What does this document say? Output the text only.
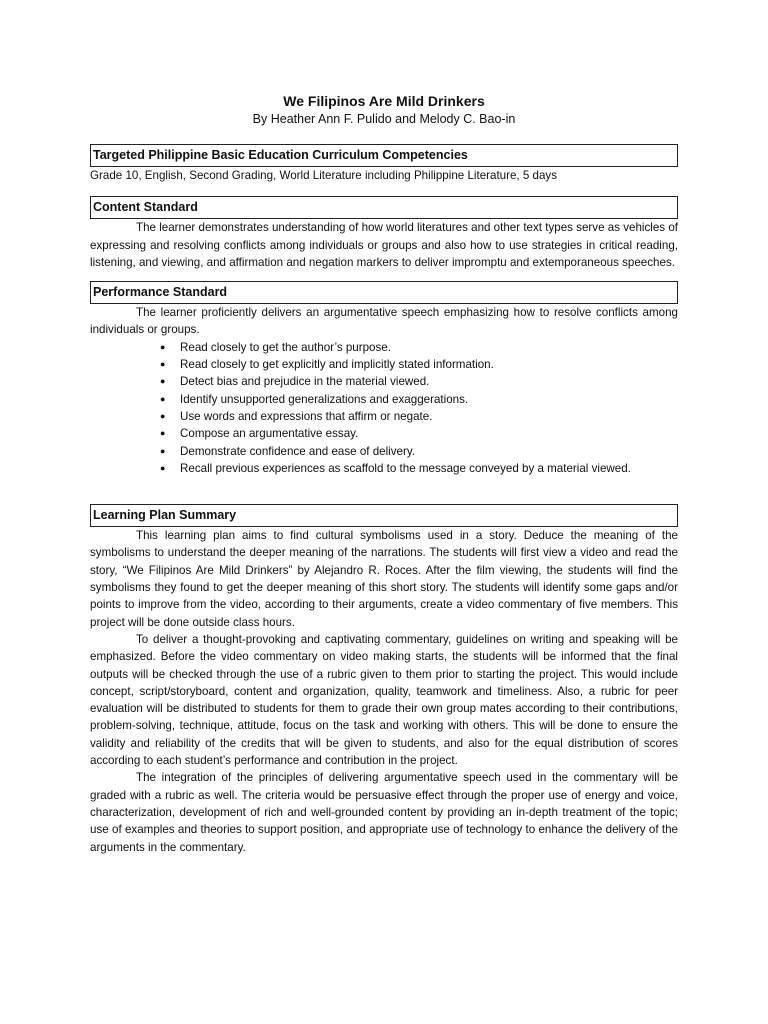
We Filipinos Are Mild Drinkers

By Heather Ann F. Pulido and Melody C. Bao-in

Targeted Philippine Basic Education Curriculum Competencies

Grade 10, English, Second Grading, World Literature including Philippine Literature, 5 days

Content Standard

The learner demonstrates understanding of how world literatures and other text types serve as vehicles of expressing and resolving conflicts among individuals or groups and also how to use strategies in critical reading, listening, and viewing, and affirmation and negation markers to deliver impromptu and extemporaneous speeches.

Performance Standard

The learner proficiently delivers an argumentative speech emphasizing how to resolve conflicts among individuals or groups.

● Read closely to get the author’s purpose.
● Read closely to get explicitly and implicitly stated information.
● Detect bias and prejudice in the material viewed.
● Identify unsupported generalizations and exaggerations.
● Use words and expressions that affirm or negate.
● Compose an argumentative essay.
● Demonstrate confidence and ease of delivery.
● Recall previous experiences as scaffold to the message conveyed by a material viewed.
Learning Plan Summary

This learning plan aims to find cultural symbolisms used in a story. Deduce the meaning of the symbolisms to understand the deeper meaning of the narrations. The students will first view a video and read the story, “We Filipinos Are Mild Drinkers” by Alejandro R. Roces. After the film viewing, the students will find the symbolisms they found to get the deeper meaning of this short story. The students will identify some gaps and/or points to improve from the video, according to their arguments, create a video commentary of five members. This project will be done outside class hours.

To deliver a thought-provoking and captivating commentary, guidelines on writing and speaking will be emphasized. Before the video commentary on video making starts, the students will be informed that the final outputs will be checked through the use of a rubric given to them prior to starting the project. This would include concept, script/storyboard, content and organization, quality, teamwork and timeliness. Also, a rubric for peer evaluation will be distributed to students for them to grade their own group mates according to their contributions, problem-solving, technique, attitude, focus on the task and working with others. This will be done to ensure the validity and reliability of the credits that will be given to students, and also for the equal distribution of scores according to each student’s performance and contribution in the project.

The integration of the principles of delivering argumentative speech used in the commentary will be graded with a rubric as well. The criteria would be persuasive effect through the proper use of energy and voice, characterization, development of rich and well-grounded content by providing an in-depth treatment of the topic; use of examples and theories to support position, and appropriate use of technology to enhance the delivery of the arguments in the commentary.
